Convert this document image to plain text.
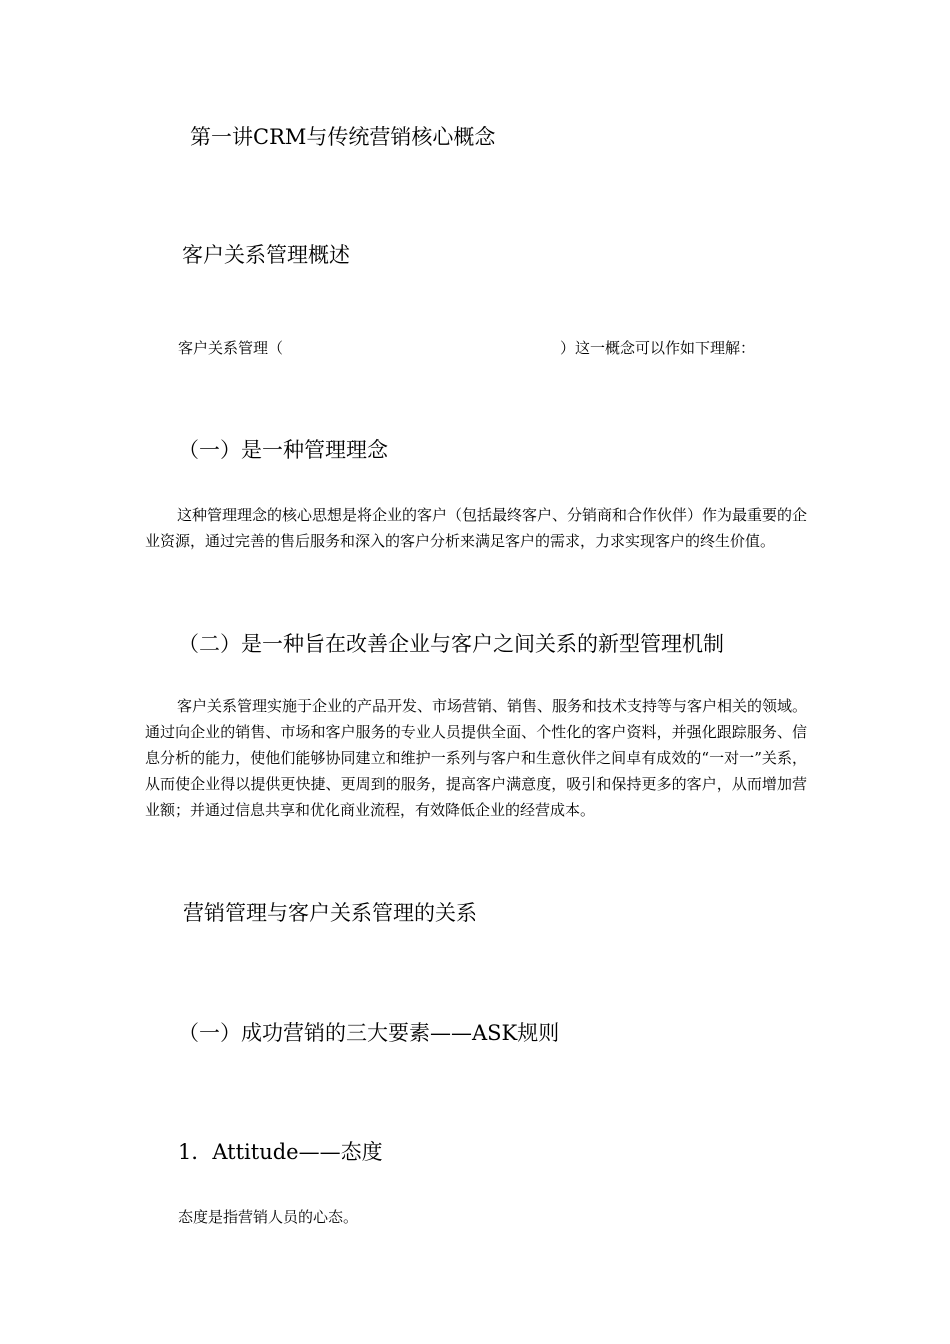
第一讲CRM与传统营销核心概念
客户关系管理概述
客户关系管理（	）这一概念可以作如下理解：
（一）是一种管理理念

这种管理理念的核心思想是将企业的客户（包括最终客户、分销商和合作伙伴）作为最重要的企业资源，通过完善的售后服务和深入的客户分析来满足客户的需求，力求实现客户的终生价值。

（二）是一种旨在改善企业与客户之间关系的新型管理机制

客户关系管理实施于企业的产品开发、市场营销、销售、服务和技术支持等与客户相关的领域。通过向企业的销售、市场和客户服务的专业人员提供全面、个性化的客户资料，并强化跟踪服务、信息分析的能力，使他们能够协同建立和维护一系列与客户和生意伙伴之间卓有成效的“一对一”关系，从而使企业得以提供更快捷、更周到的服务，提高客户满意度，吸引和保持更多的客户，从而增加营业额；并通过信息共享和优化商业流程，有效降低企业的经营成本。

营销管理与客户关系管理的关系
（一）成功营销的三大要素——ASK规则
1．Attitude——态度
态度是指营销人员的心态。
